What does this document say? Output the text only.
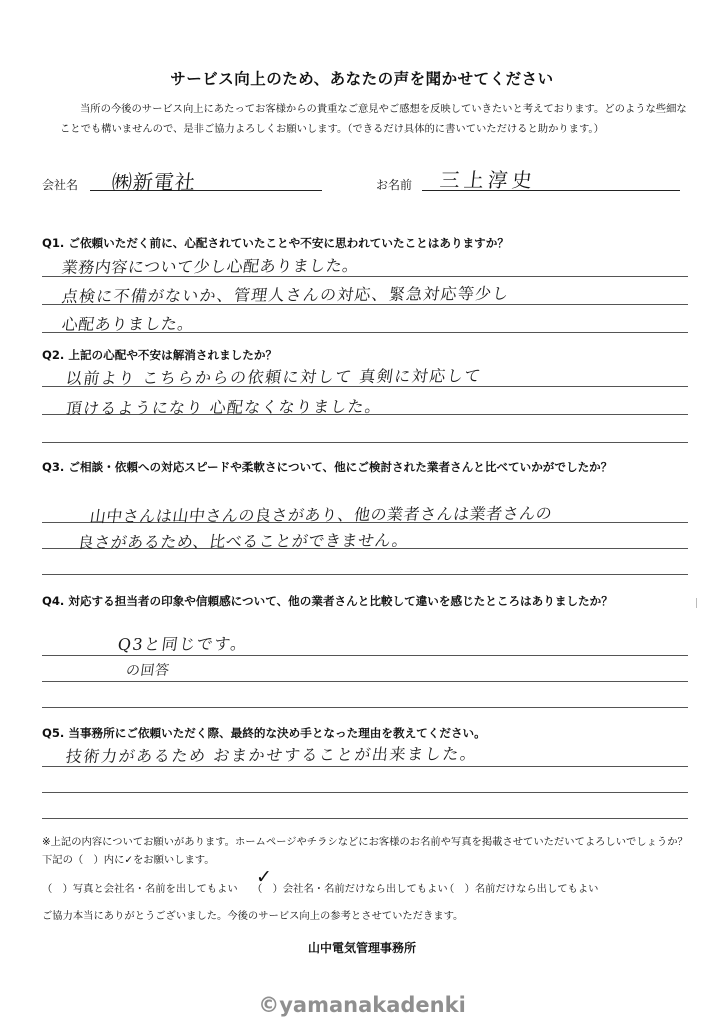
サービス向上のため、あなたの声を聞かせてください
当所の今後のサービス向上にあたってお客様からの貴重なご意見やご感想を反映していきたいと考えております。どのような些細なことでも構いませんので、是非ご協力よろしくお願いします。（できるだけ具体的に書いていただけると助かります。）
会社名 ㈱新電社	お名前 三上淳史
Q1. ご依頼いただく前に、心配されていたことや不安に思われていたことはありますか？
業務内容について少し心配ありました。
点検に不備がないか、管理人さんの対応、緊急対応等少し
心配ありました。
Q2. 上記の心配や不安は解消されましたか？
以前より こちらからの依頼に対して 真剣に対応して
頂けるようになり 心配なくなりました。
Q3. ご相談・依頼への対応スピードや柔軟さについて、他にご検討された業者さんと比べていかがでしたか？
山中さんは山中さんの良さがあり、他の業者さんは業者さんの
良さがあるため、比べることができません。
Q4. 対応する担当者の印象や信頼感について、他の業者さんと比較して違いを感じたところはありましたか？
Q3と同じです。
の回答
Q5. 当事務所にご依頼いただく際、最終的な決め手となった理由を教えてください。
技術力があるため おまかせすることが出来ました。
※上記の内容についてお願いがあります。ホームページやチラシなどにお客様のお名前や写真を掲載させていただいてよろしいでしょうか？　下記の（　）内に✓をお願いします。
（　）写真と会社名・名前を出してもよい （　）会社名・名前だけなら出してもよい
✓
（　）名前だけなら出してもよい
ご協力本当にありがとうございました。今後のサービス向上の参考とさせていただきます。
山中電気管理事務所
©yamanakadenki
